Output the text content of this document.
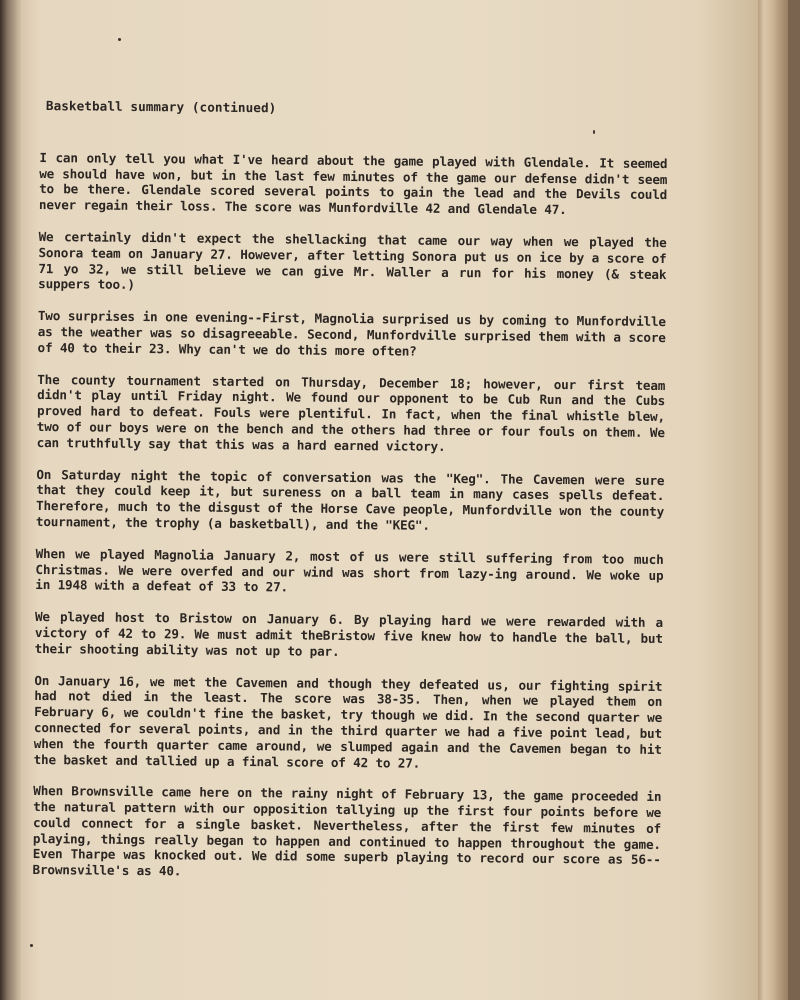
Basketball summary (continued)

I can only tell you what I've heard about the game played with Glendale. It seemed we should have won, but in the last few minutes of the game our defense didn't seem to be there. Glendale scored several points to gain the lead and the Devils could never regain their loss. The score was Munfordville 42 and Glendale 47.

We certainly didn't expect the shellacking that came our way when we played the Sonora team on January 27. However, after letting Sonora put us on ice by a score of 71 yo 32, we still believe we can give Mr. Waller a run for his money (& steak suppers too.)

Two surprises in one evening--First, Magnolia surprised us by coming to Munfordville as the weather was so disagreeable. Second, Munfordville surprised them with a score of 40 to their 23. Why can't we do this more often?

The county tournament started on Thursday, December 18; however, our first team didn't play until Friday night. We found our opponent to be Cub Run and the Cubs proved hard to defeat. Fouls were plentiful. In fact, when the final whistle blew, two of our boys were on the bench and the others had three or four fouls on them. We can truthfully say that this was a hard earned victory.

On Saturday night the topic of conversation was the "Keg". The Cavemen were sure that they could keep it, but sureness on a ball team in many cases spells defeat. Therefore, much to the disgust of the Horse Cave people, Munfordville won the county tournament, the trophy (a basketball), and the "KEG".

When we played Magnolia January 2, most of us were still suffering from too much Christmas. We were overfed and our wind was short from lazy-ing around. We woke up in 1948 with a defeat of 33 to 27.

We played host to Bristow on January 6. By playing hard we were rewarded with a victory of 42 to 29. We must admit theBristow five knew how to handle the ball, but their shooting ability was not up to par.

On January 16, we met the Cavemen and though they defeated us, our fighting spirit had not died in the least. The score was 38-35. Then, when we played them on February 6, we couldn't fine the basket, try though we did. In the second quarter we connected for several points, and in the third quarter we had a five point lead, but when the fourth quarter came around, we slumped again and the Cavemen began to hit the basket and tallied up a final score of 42 to 27.

When Brownsville came here on the rainy night of February 13, the game proceeded in the natural pattern with our opposition tallying up the first four points before we could connect for a single basket. Nevertheless, after the first few minutes of playing, things really began to happen and continued to happen throughout the game. Even Tharpe was knocked out. We did some superb playing to record our score as 56--Brownsville's as 40.
